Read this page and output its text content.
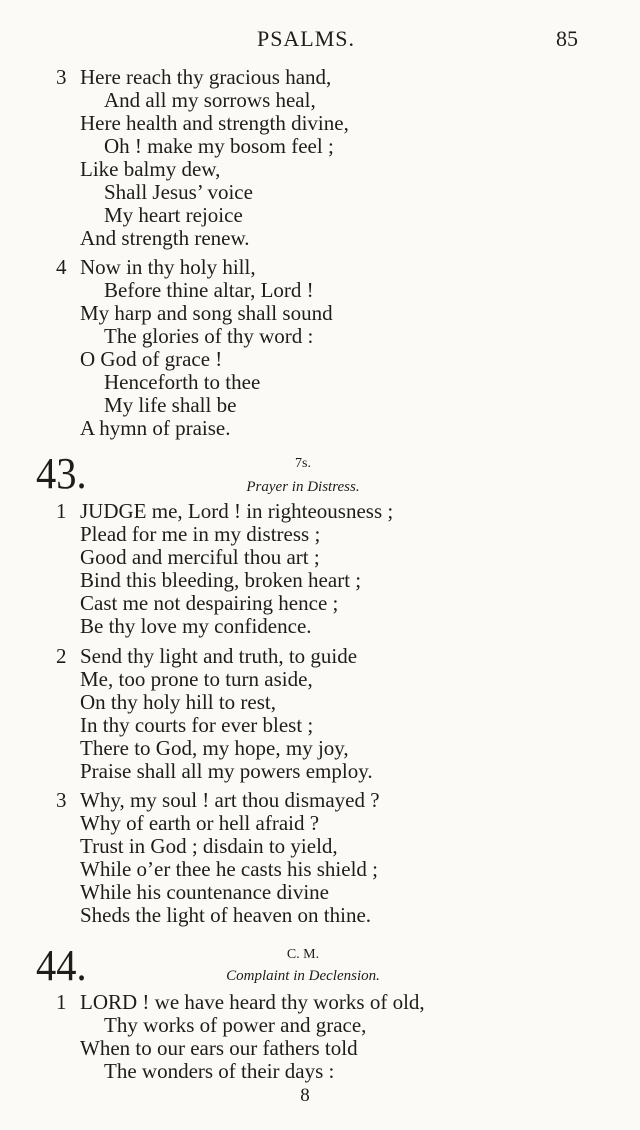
PSALMS.	85
3 Here reach thy gracious hand,
And all my sorrows heal,
Here health and strength divine,
Oh ! make my bosom feel ;
Like balmy dew,
Shall Jesus’ voice
My heart rejoice
And strength renew.
4 Now in thy holy hill,
Before thine altar, Lord !
My harp and song shall sound
The glories of thy word :
O God of grace !
Henceforth to thee
My life shall be
A hymn of praise.
43.	7s.
Prayer in Distress.
1 JUDGE me, Lord ! in righteousness ;
Plead for me in my distress ;
Good and merciful thou art ;
Bind this bleeding, broken heart ;
Cast me not despairing hence ;
Be thy love my confidence.
2 Send thy light and truth, to guide
Me, too prone to turn aside,
On thy holy hill to rest,
In thy courts for ever blest ;
There to God, my hope, my joy,
Praise shall all my powers employ.
3 Why, my soul ! art thou dismayed ?
Why of earth or hell afraid ?
Trust in God ; disdain to yield,
While o’er thee he casts his shield ;
While his countenance divine
Sheds the light of heaven on thine.
44.	C. M.
Complaint in Declension.
1 LORD ! we have heard thy works of old,
Thy works of power and grace,
When to our ears our fathers told
The wonders of their days :
8
